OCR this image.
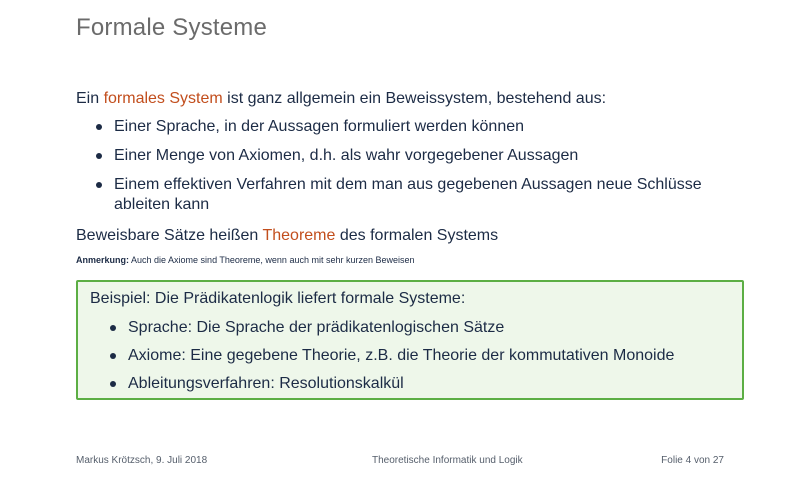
Formale Systeme
Ein formales System ist ganz allgemein ein Beweissystem, bestehend aus:
Einer Sprache, in der Aussagen formuliert werden können
Einer Menge von Axiomen, d.h. als wahr vorgegebener Aussagen
Einem effektiven Verfahren mit dem man aus gegebenen Aussagen neue Schlüsse ableiten kann
Beweisbare Sätze heißen Theoreme des formalen Systems
Anmerkung: Auch die Axiome sind Theoreme, wenn auch mit sehr kurzen Beweisen
Beispiel: Die Prädikatenlogik liefert formale Systeme:
Sprache: Die Sprache der prädikatenlogischen Sätze
Axiome: Eine gegebene Theorie, z.B. die Theorie der kommutativen Monoide
Ableitungsverfahren: Resolutionskalkül
Markus Krötzsch, 9. Juli 2018	Theoretische Informatik und Logik	Folie 4 von 27
